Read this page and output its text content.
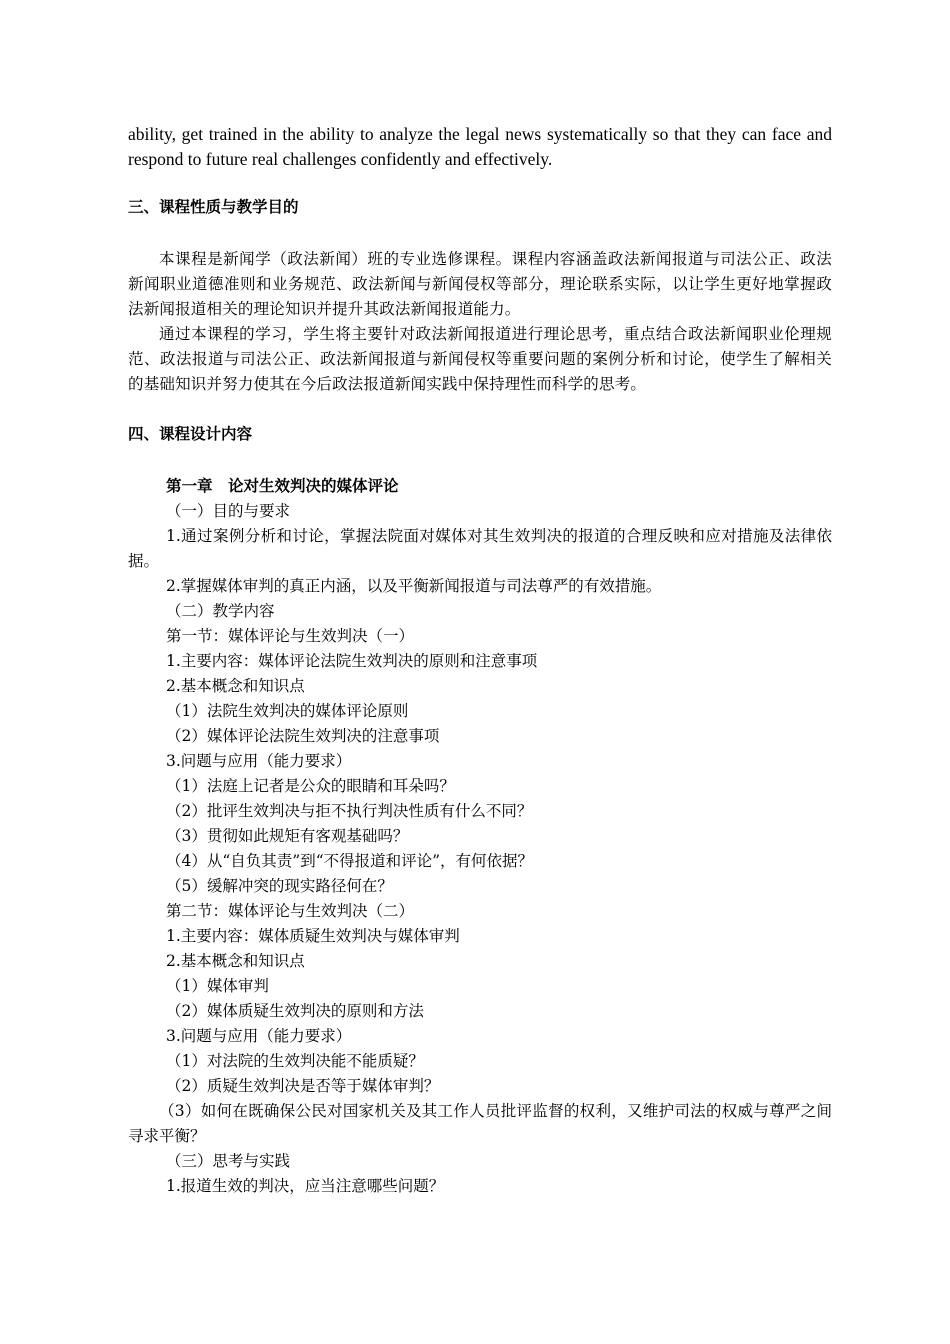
ability, get trained in the ability to analyze the legal news systematically so that they can face and respond to future real challenges confidently and effectively.

三、课程性质与教学目的

本课程是新闻学（政法新闻）班的专业选修课程。课程内容涵盖政法新闻报道与司法公正、政法新闻职业道德准则和业务规范、政法新闻与新闻侵权等部分，理论联系实际，以让学生更好地掌握政法新闻报道相关的理论知识并提升其政法新闻报道能力。

通过本课程的学习，学生将主要针对政法新闻报道进行理论思考，重点结合政法新闻职业伦理规范、政法报道与司法公正、政法新闻报道与新闻侵权等重要问题的案例分析和讨论，使学生了解相关的基础知识并努力使其在今后政法报道新闻实践中保持理性而科学的思考。

四、课程设计内容

第一章　论对生效判决的媒体评论

（一）目的与要求

1.通过案例分析和讨论，掌握法院面对媒体对其生效判决的报道的合理反映和应对措施及法律依据。

2.掌握媒体审判的真正内涵，以及平衡新闻报道与司法尊严的有效措施。

（二）教学内容

第一节：媒体评论与生效判决（一）

1.主要内容：媒体评论法院生效判决的原则和注意事项

2.基本概念和知识点

（1）法院生效判决的媒体评论原则

（2）媒体评论法院生效判决的注意事项

3.问题与应用（能力要求）

（1）法庭上记者是公众的眼睛和耳朵吗？

（2）批评生效判决与拒不执行判决性质有什么不同？

（3）贯彻如此规矩有客观基础吗？

（4）从“自负其责”到“不得报道和评论”，有何依据？

（5）缓解冲突的现实路径何在？

第二节：媒体评论与生效判决（二）

1.主要内容：媒体质疑生效判决与媒体审判

2.基本概念和知识点

（1）媒体审判

（2）媒体质疑生效判决的原则和方法

3.问题与应用（能力要求）

（1）对法院的生效判决能不能质疑？

（2）质疑生效判决是否等于媒体审判？

（3）如何在既确保公民对国家机关及其工作人员批评监督的权利，又维护司法的权威与尊严之间寻求平衡？

（三）思考与实践

1.报道生效的判决，应当注意哪些问题？
